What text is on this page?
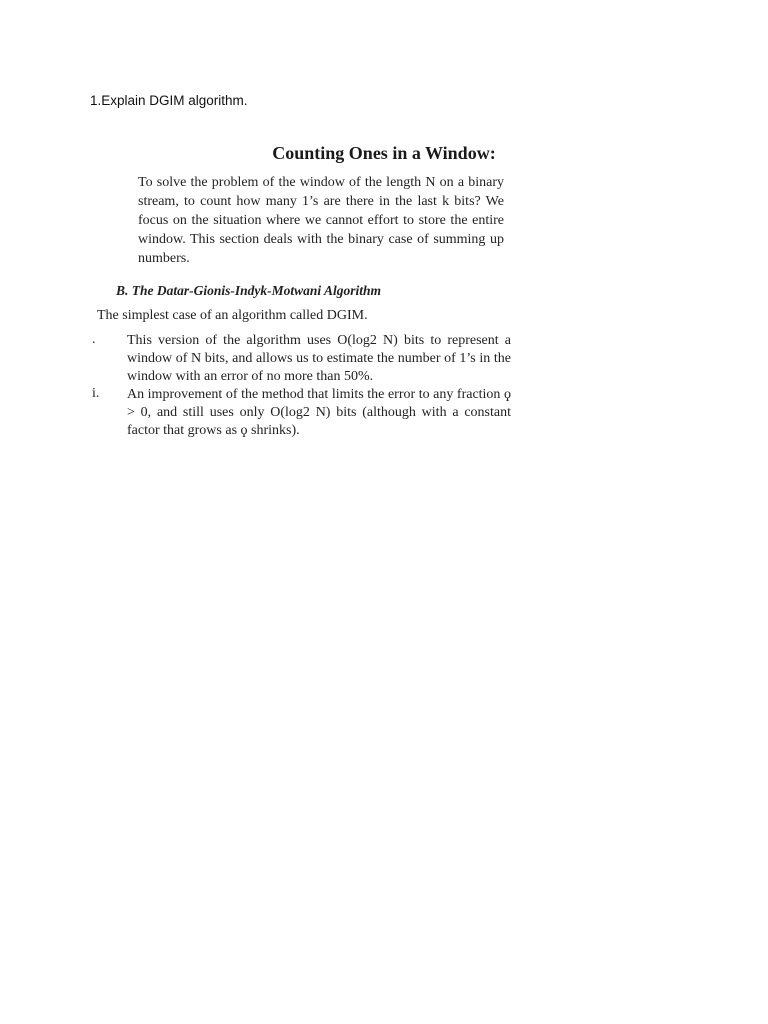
1.Explain DGIM algorithm.
Counting Ones in a Window:

To solve the problem of the window of the length N on a binary stream, to count how many 1’s are there in the last k bits? We focus on the situation where we cannot effort to store the entire window. This section deals with the binary case of summing up numbers.

B. The Datar-Gionis-Indyk-Motwani Algorithm
The simplest case of an algorithm called DGIM.
. This version of the algorithm uses O(log2 N) bits to represent a window of N bits, and allows us to estimate the number of 1’s in the window with an error of no more than 50%.
i. An improvement of the method that limits the error to any fraction ϙ > 0, and still uses only O(log2 N) bits (although with a constant factor that grows as ϙ shrinks).
